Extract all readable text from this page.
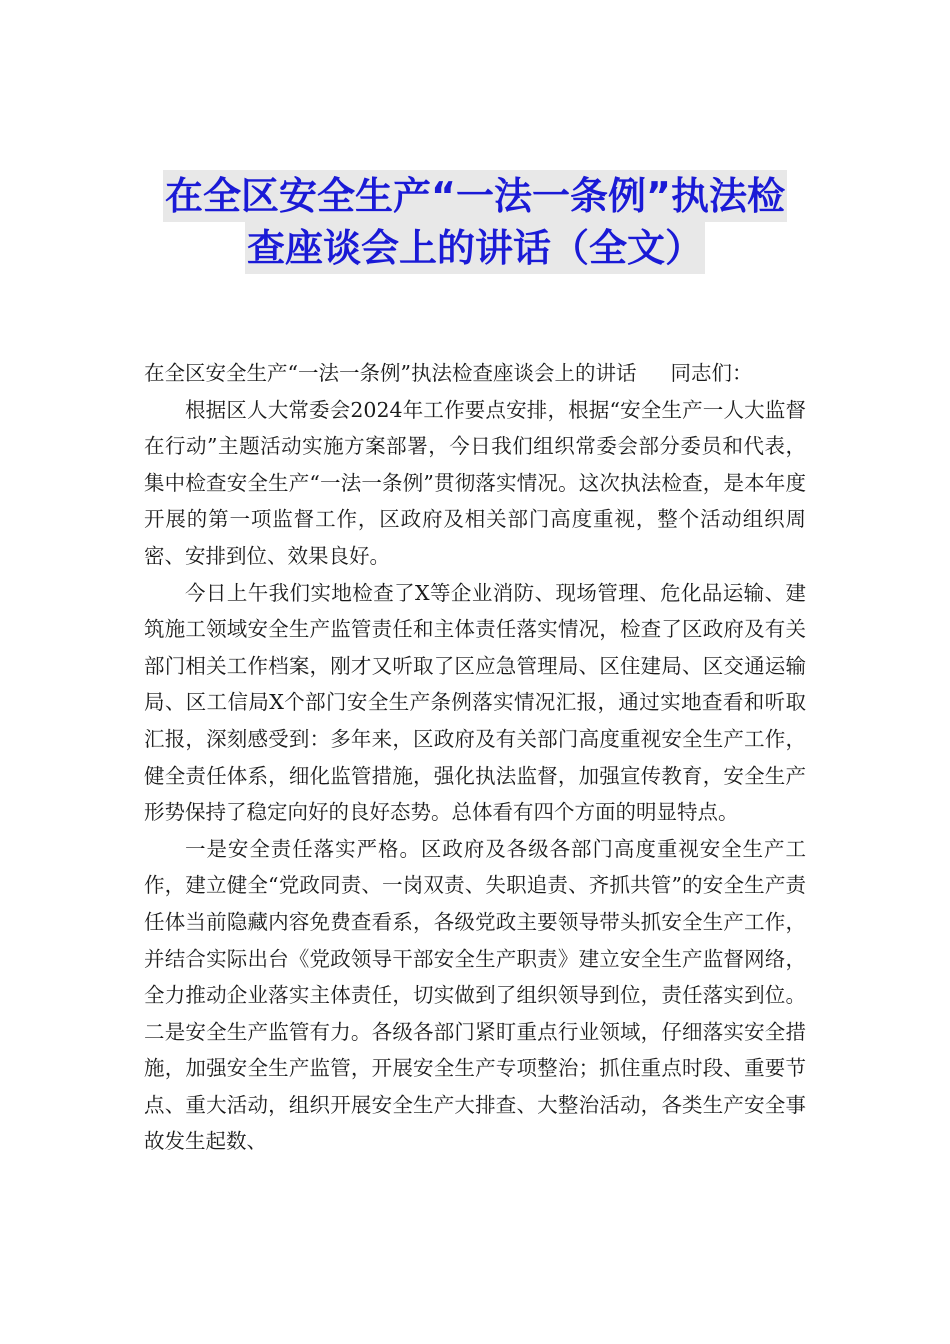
在全区安全生产“一法一条例”执法检
查座谈会上的讲话（全文）

在全区安全生产“一法一条例”执法检查座谈会上的讲话 同志们：

根据区人大常委会2024年工作要点安排，根据“安全生产一人大监督在行动”主题活动实施方案部署，今日我们组织常委会部分委员和代表，集中检查安全生产“一法一条例”贯彻落实情况。这次执法检查，是本年度开展的第一项监督工作，区政府及相关部门高度重视，整个活动组织周密、安排到位、效果良好。

今日上午我们实地检查了X等企业消防、现场管理、危化品运输、建筑施工领域安全生产监管责任和主体责任落实情况，检查了区政府及有关部门相关工作档案，刚才又听取了区应急管理局、区住建局、区交通运输局、区工信局X个部门安全生产条例落实情况汇报，通过实地查看和听取汇报，深刻感受到：多年来，区政府及有关部门高度重视安全生产工作，健全责任体系，细化监管措施，强化执法监督，加强宣传教育，安全生产形势保持了稳定向好的良好态势。总体看有四个方面的明显特点。

一是安全责任落实严格。区政府及各级各部门高度重视安全生产工作，建立健全“党政同责、一岗双责、失职追责、齐抓共管”的安全生产责任体当前隐藏内容免费查看系，各级党政主要领导带头抓安全生产工作，并结合实际出台《党政领导干部安全生产职责》建立安全生产监督网络，全力推动企业落实主体责任，切实做到了组织领导到位，责任落实到位。二是安全生产监管有力。各级各部门紧盯重点行业领域，仔细落实安全措施，加强安全生产监管，开展安全生产专项整治；抓住重点时段、重要节点、重大活动，组织开展安全生产大排查、大整治活动，各类生产安全事故发生起数、
